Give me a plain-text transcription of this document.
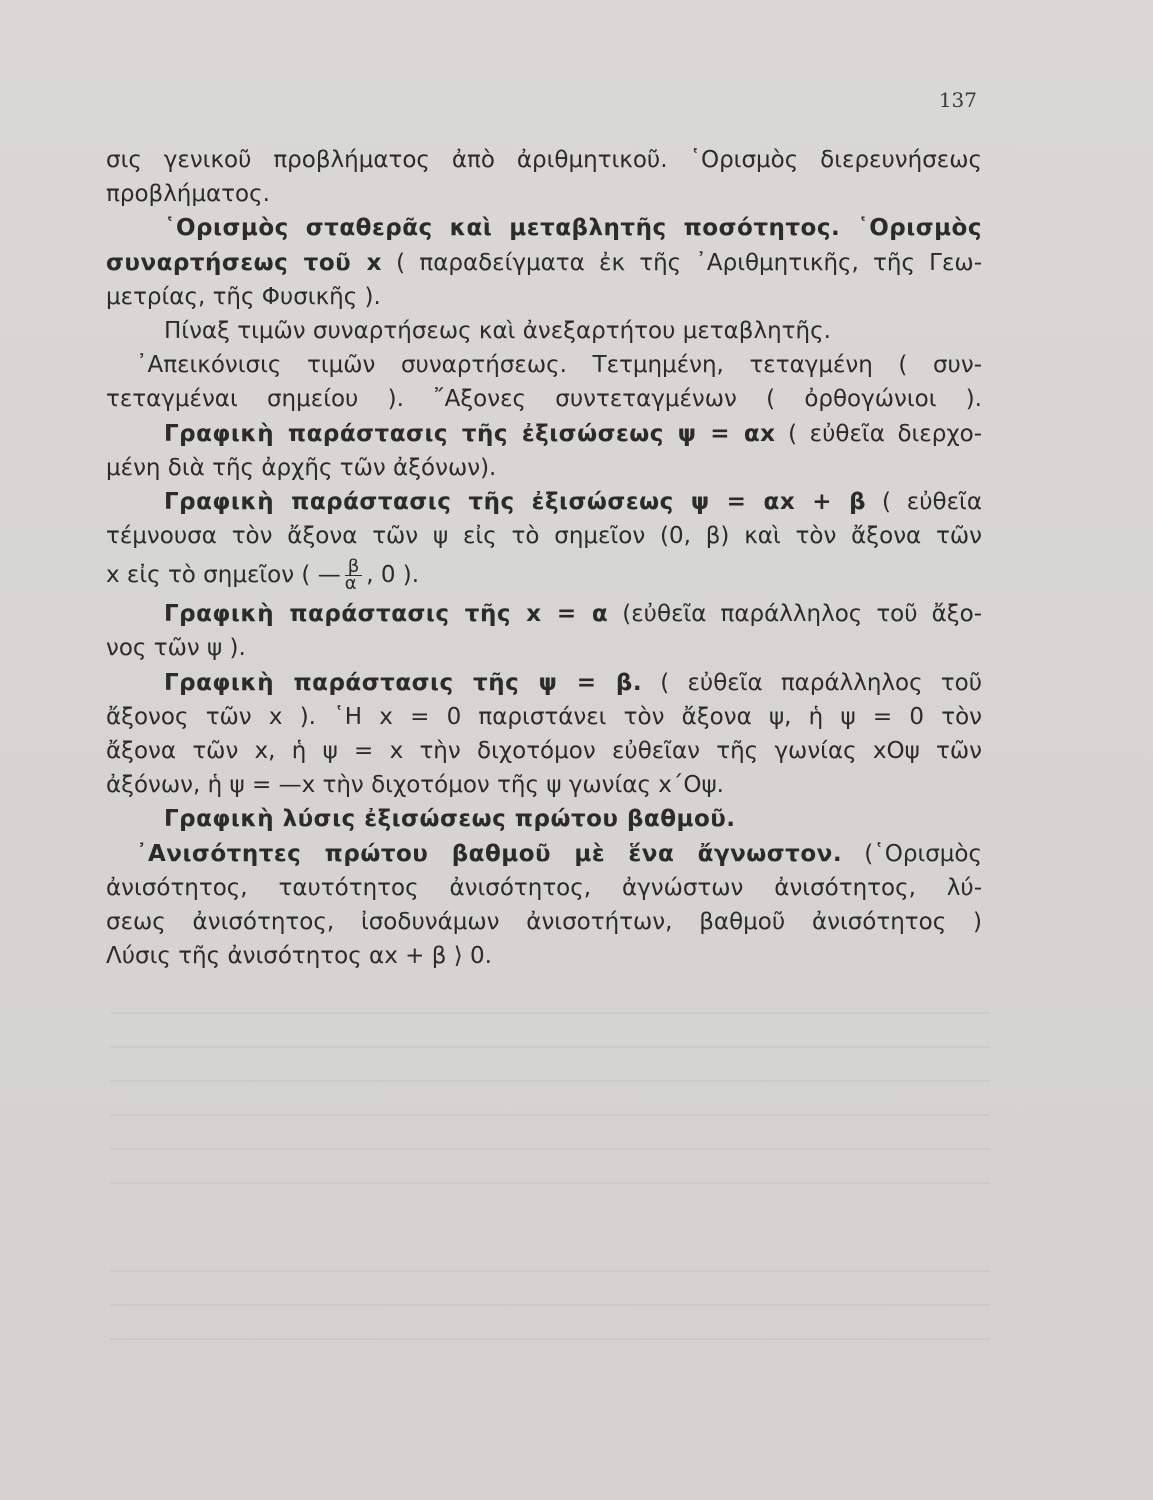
137
σις γενικοῦ προβλήματος ἀπὸ ἀριθμητικοῦ. ῾Ορισμὸς διερευνήσεως
προβλήματος.
῾Ορισμὸς σταθερᾶς καὶ μεταβλητῆς ποσότητος. ῾Ορισμὸς
συναρτήσεως τοῦ x ( παραδείγματα ἐκ τῆς ᾿Αριθμητικῆς, τῆς Γεω-
μετρίας, τῆς Φυσικῆς ).
Πίναξ τιμῶν συναρτήσεως καὶ ἀνεξαρτήτου μεταβλητῆς.
᾿Απεικόνισις τιμῶν συναρτήσεως. Τετμημένη, τεταγμένη ( συν-
τεταγμέναι σημείου ). ῎Αξονες συντεταγμένων ( ὀρθογώνιοι ).
Γραφικὴ παράστασις τῆς ἐξισώσεως ψ = αx ( εὐθεῖα διερχο-
μένη διὰ τῆς ἀρχῆς τῶν ἀξόνων).
Γραφικὴ παράστασις τῆς ἐξισώσεως ψ = αx + β ( εὐθεῖα
τέμνουσα τὸν ἄξονα τῶν ψ εἰς τὸ σημεῖον (0, β) καὶ τὸν ἄξονα τῶν
x εἰς τὸ σημεῖον ( — $\frac{\beta}{\alpha}$ , 0 ).
Γραφικὴ παράστασις τῆς x = α (εὐθεῖα παράλληλος τοῦ ἄξο-
νος τῶν ψ ).
Γραφικὴ παράστασις τῆς ψ = β. ( εὐθεῖα παράλληλος τοῦ
ἄξονος τῶν x ). ῾Η x = 0 παριστάνει τὸν ἄξονα ψ, ἡ ψ = 0 τὸν
ἄξονα τῶν x, ἡ ψ = x τὴν διχοτόμον εὐθεῖαν τῆς γωνίας xOψ τῶν
ἀξόνων, ἡ ψ = —x τὴν διχοτόμον τῆς ψ γωνίας x΄Oψ.
Γραφικὴ λύσις ἐξισώσεως πρώτου βαθμοῦ.
᾿Ανισότητες πρώτου βαθμοῦ μὲ ἕνα ἄγνωστον. (῾Ορισμὸς
ἀνισότητος, ταυτότητος ἀνισότητος, ἀγνώστων ἀνισότητος, λύ-
σεως ἀνισότητος, ἰσοδυνάμων ἀνισοτήτων, βαθμοῦ ἀνισότητος )
Λύσις τῆς ἀνισότητος αx + β ⟩ 0.
